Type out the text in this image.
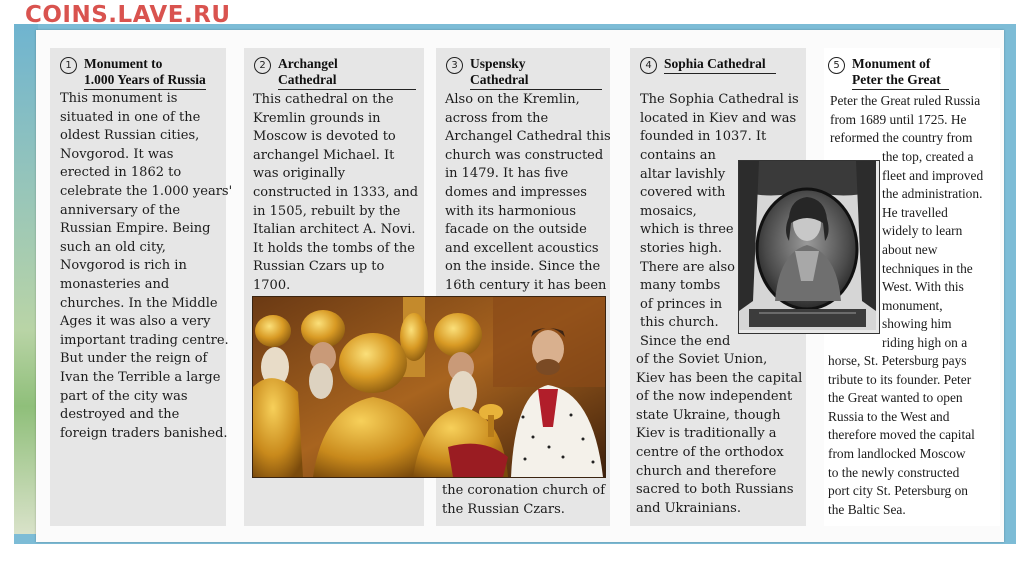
COINS.LAVE.RU
1 Monument to
1.000 Years of Russia
This monument is
situated in one of the
oldest Russian cities,
Novgorod. It was
erected in 1862 to
celebrate the 1.000 years'
anniversary of the
Russian Empire. Being
such an old city,
Novgorod is rich in
monasteries and
churches. In the Middle
Ages it was also a very
important trading centre.
But under the reign of
Ivan the Terrible a large
part of the city was
destroyed and the
foreign traders banished.
2 Archangel Cathedral
This cathedral on the
Kremlin grounds in
Moscow is devoted to
archangel Michael. It
was originally
constructed in 1333, and
in 1505, rebuilt by the
Italian architect A. Novi.
It holds the tombs of the
Russian Czars up to
1700.
3 Uspensky Cathedral
Also on the Kremlin,
across from the
Archangel Cathedral this
church was constructed
in 1479. It has five
domes and impresses
with its harmonious
facade on the outside
and excellent acoustics
on the inside. Since the
16th century it has been
the coronation church of
the Russian Czars.
4 Sophia Cathedral
The Sophia Cathedral is
located in Kiev and was
founded in 1037. It
contains an
altar lavishly
covered with
mosaics,
which is three
stories high.
There are also
many tombs
of princes in
this church.
Since the end
of the Soviet Union,
Kiev has been the capital
of the now independent
state Ukraine, though
Kiev is traditionally a
centre of the orthodox
church and therefore
sacred to both Russians
and Ukrainians.
5 Monument of
Peter the Great
Peter the Great ruled Russia
from 1689 until 1725. He
reformed the country from
the top, created a
fleet and improved
the administration.
He travelled
widely to learn
about new
techniques in the
West. With this
monument,
showing him
riding high on a
horse, St. Petersburg pays
tribute to its founder. Peter
the Great wanted to open
Russia to the West and
therefore moved the capital
from landlocked Moscow
to the newly constructed
port city St. Petersburg on
the Baltic Sea.
